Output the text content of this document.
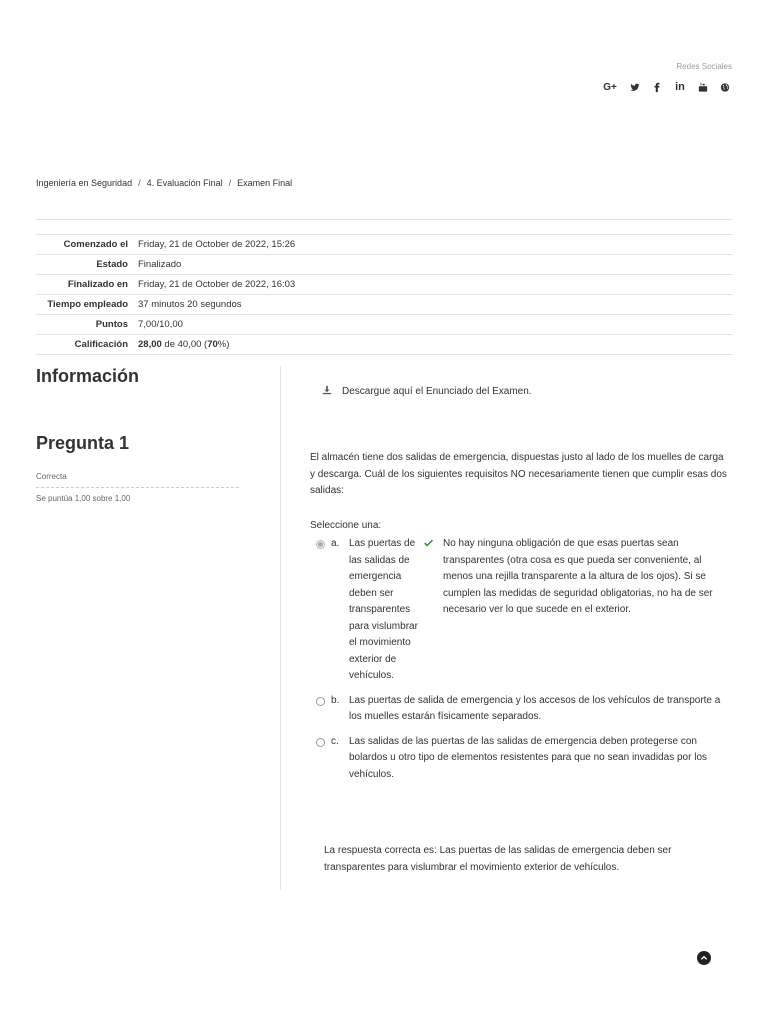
Redes Sociales
G+	in
Ingeniería en Seguridad / 4. Evaluación Final / Examen Final
Comenzado el	Friday, 21 de October de 2022, 15:26
Estado	Finalizado
Finalizado en	Friday, 21 de October de 2022, 16:03
Tiempo empleado	37 minutos 20 segundos
Puntos	7,00/10,00
Calificación	28,00 de 40,00 (70%)
Información
Pregunta 1
Correcta
Se puntúa 1,00 sobre 1,00
Descargue aquí el Enunciado del Examen.
El almacén tiene dos salidas de emergencia, dispuestas justo al lado de los muelles de carga y descarga. Cuál de los siguientes requisitos NO necesariamente tienen que cumplir esas dos salidas:
Seleccione una:
a. Las puertas de las salidas de emergencia deben ser transparentes para vislumbrar el movimiento exterior de vehículos.
No hay ninguna obligación de que esas puertas sean transparentes (otra cosa es que pueda ser conveniente, al menos una rejilla transparente a la altura de los ojos). Si se cumplen las medidas de seguridad obligatorias, no ha de ser necesario ver lo que sucede en el exterior.
b. Las puertas de salida de emergencia y los accesos de los vehículos de transporte a los muelles estarán físicamente separados.
c.	Las salidas de las puertas de las salidas de emergencia deben protegerse con bolardos u otro tipo de elementos resistentes para que no sean invadidas por los vehículos.
La respuesta correcta es: Las puertas de las salidas de emergencia deben ser transparentes para vislumbrar el movimiento exterior de vehículos.
